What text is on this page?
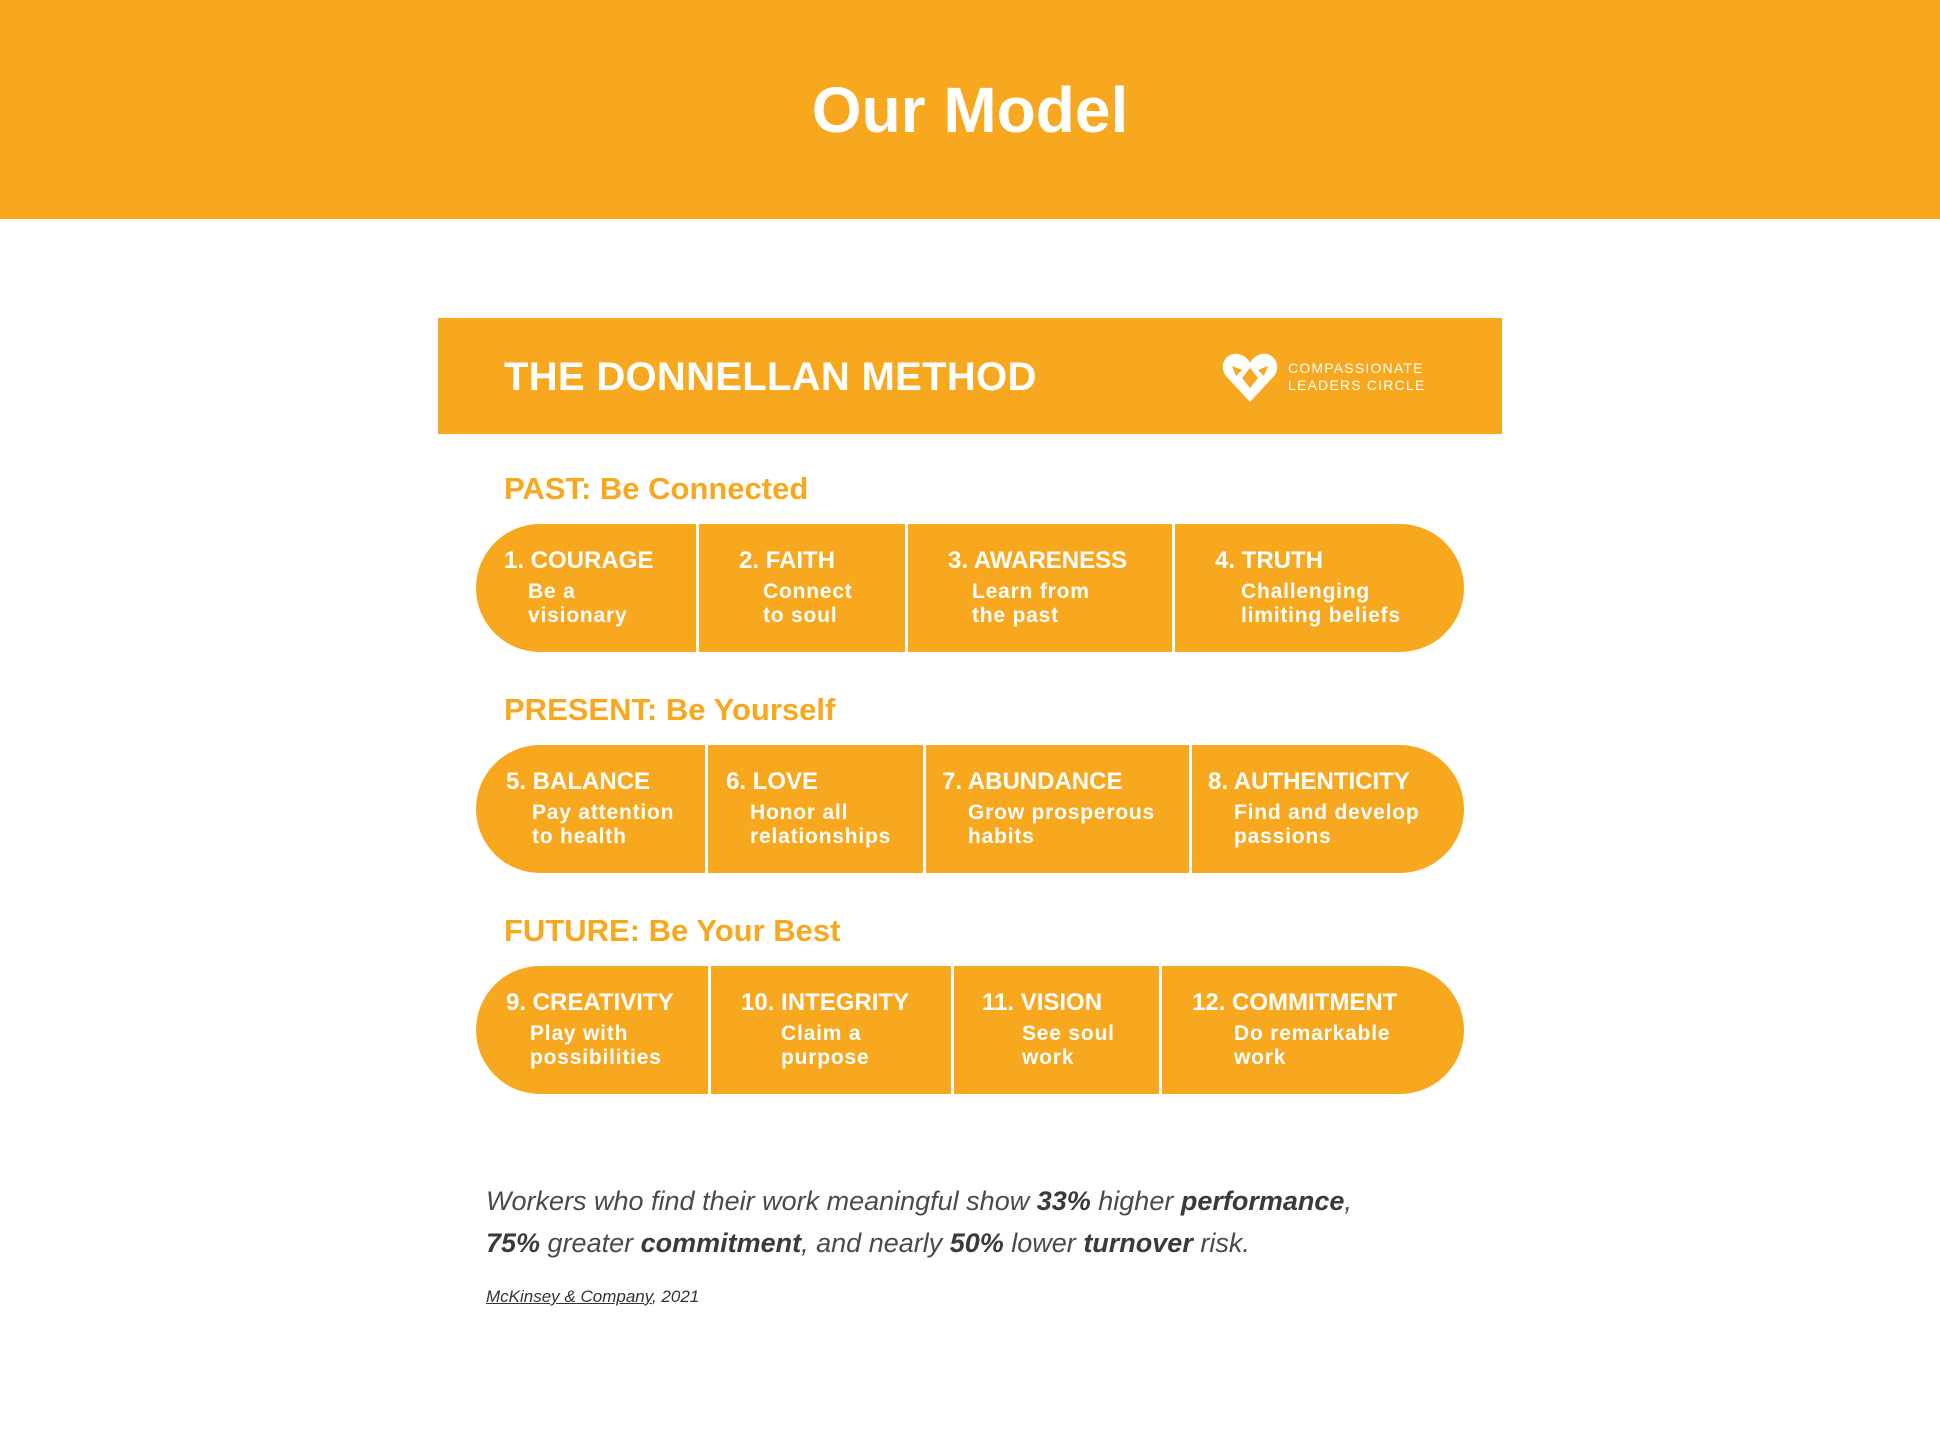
Our Model
THE DONNELLAN METHOD	COMPASSIONATE
LEADERS CIRCLE
PAST: Be Connected
1. COURAGE
Be a
visionary
2. FAITH
Connect
to soul
3. AWARENESS
Learn from
the past
4. TRUTH
Challenging
limiting beliefs
PRESENT: Be Yourself
5. BALANCE
Pay attention
to health
6. LOVE
Honor all
relationships
7. ABUNDANCE
Grow prosperous
habits
8. AUTHENTICITY
Find and develop
passions
FUTURE: Be Your Best
9. CREATIVITY
Play with
possibilities
10. INTEGRITY
Claim a
purpose
11. VISION
See soul
work
12. COMMITMENT
Do remarkable
work

Workers who find their work meaningful show 33% higher performance,
75% greater commitment, and nearly 50% lower turnover risk.

McKinsey & Company, 2021
